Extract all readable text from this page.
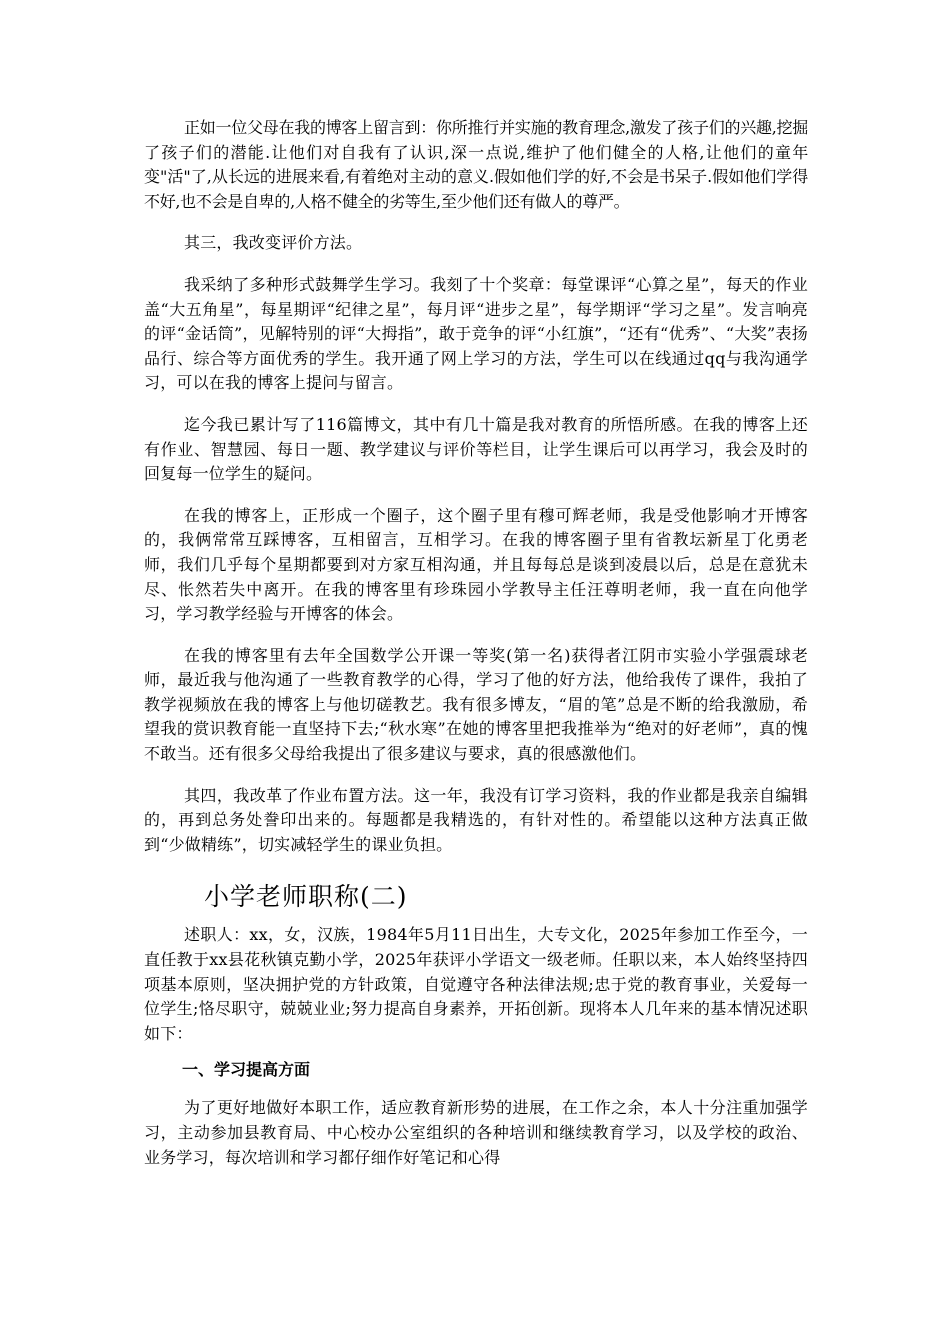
正如一位父母在我的博客上留言到：你所推行并实施的教育理念,激发了孩子们的兴趣,挖掘了孩子们的潜能.让他们对自我有了认识,深一点说,维护了他们健全的人格,让他们的童年变"活"了,从长远的进展来看,有着绝对主动的意义.假如他们学的好,不会是书呆子.假如他们学得不好,也不会是自卑的,人格不健全的劣等生,至少他们还有做人的尊严。

其三，我改变评价方法。

我采纳了多种形式鼓舞学生学习。我刻了十个奖章：每堂课评“心算之星”，每天的作业盖“大五角星”，每星期评“纪律之星”，每月评“进步之星”，每学期评“学习之星”。发言响亮的评“金话筒”，见解特别的评“大拇指”，敢于竞争的评“小红旗”，“还有“优秀”、“大奖”表扬品行、综合等方面优秀的学生。我开通了网上学习的方法，学生可以在线通过qq与我沟通学习，可以在我的博客上提问与留言。

迄今我已累计写了116篇博文，其中有几十篇是我对教育的所悟所感。在我的博客上还有作业、智慧园、每日一题、教学建议与评价等栏目，让学生课后可以再学习，我会及时的回复每一位学生的疑问。

在我的博客上，正形成一个圈子，这个圈子里有穆可辉老师，我是受他影响才开博客的，我俩常常互踩博客，互相留言，互相学习。在我的博客圈子里有省教坛新星丁化勇老师，我们几乎每个星期都要到对方家互相沟通，并且每每总是谈到凌晨以后，总是在意犹未尽、怅然若失中离开。在我的博客里有珍珠园小学教导主任汪尊明老师，我一直在向他学习，学习教学经验与开博客的体会。

在我的博客里有去年全国数学公开课一等奖(第一名)获得者江阴市实验小学强震球老师，最近我与他沟通了一些教育教学的心得，学习了他的好方法，他给我传了课件，我拍了教学视频放在我的博客上与他切磋教艺。我有很多博友，“眉的笔”总是不断的给我激励，希望我的赏识教育能一直坚持下去;“秋水寒”在她的博客里把我推举为“绝对的好老师”，真的愧不敢当。还有很多父母给我提出了很多建议与要求，真的很感激他们。

其四，我改革了作业布置方法。这一年，我没有订学习资料，我的作业都是我亲自编辑的，再到总务处誊印出来的。每题都是我精选的，有针对性的。希望能以这种方法真正做到“少做精练”，切实减轻学生的课业负担。

小学老师职称(二)

述职人：xx，女，汉族，1984年5月11日出生，大专文化，2025年参加工作至今，一直任教于xx县花秋镇克勤小学，2025年获评小学语文一级老师。任职以来，本人始终坚持四项基本原则，坚决拥护党的方针政策，自觉遵守各种法律法规;忠于党的教育事业，关爱每一位学生;恪尽职守，兢兢业业;努力提高自身素养，开拓创新。现将本人几年来的基本情况述职如下：

一、学习提高方面

为了更好地做好本职工作，适应教育新形势的进展，在工作之余，本人十分注重加强学习，主动参加县教育局、中心校办公室组织的各种培训和继续教育学习，以及学校的政治、业务学习，每次培训和学习都仔细作好笔记和心得
